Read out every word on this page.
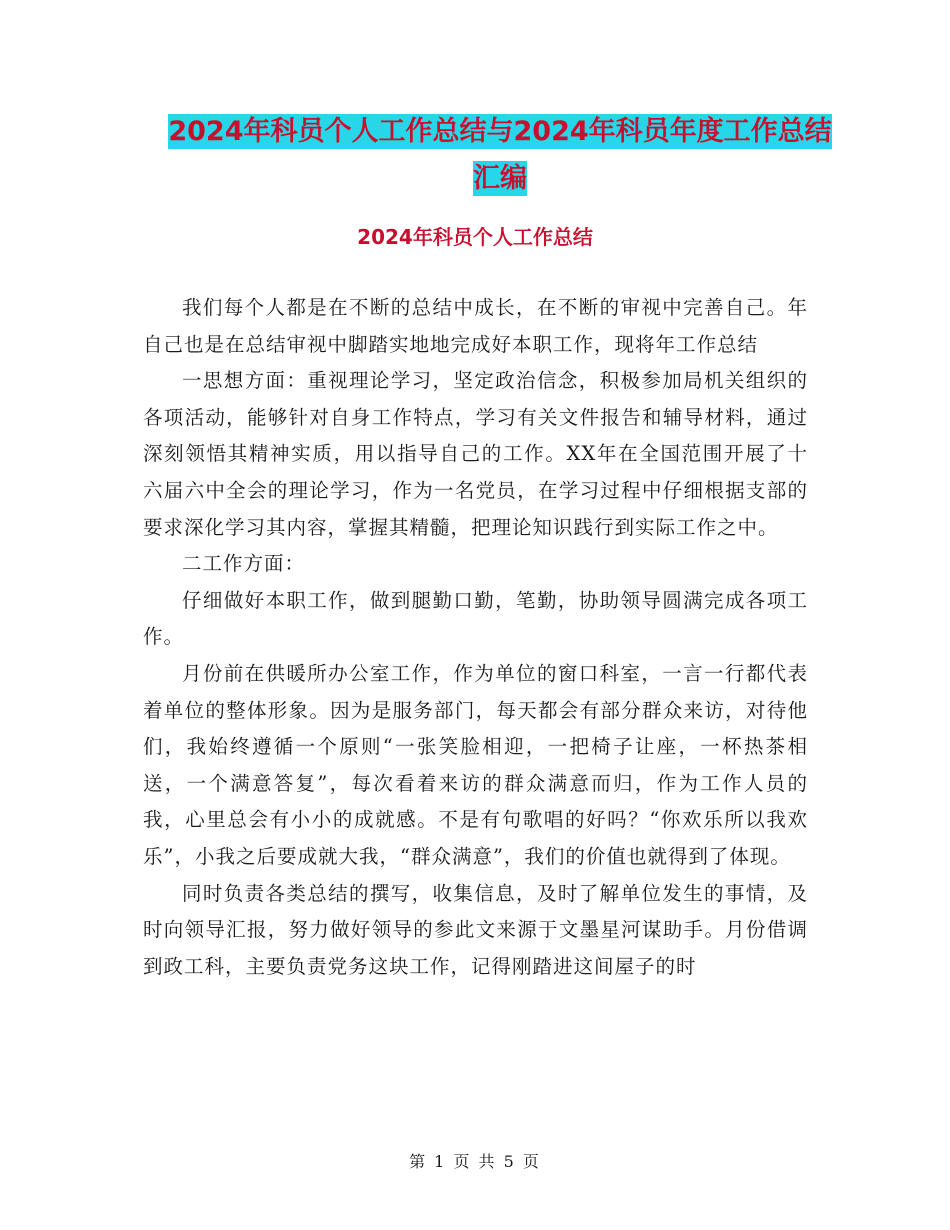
2024年科员个人工作总结与2024年科员年度工作总结
汇编
2024年科员个人工作总结

我们每个人都是在不断的总结中成长，在不断的审视中完善自己。年自己也是在总结审视中脚踏实地地完成好本职工作，现将年工作总结

一思想方面：重视理论学习，坚定政治信念，积极参加局机关组织的各项活动，能够针对自身工作特点，学习有关文件报告和辅导材料，通过深刻领悟其精神实质，用以指导自己的工作。XX年在全国范围开展了十六届六中全会的理论学习，作为一名党员，在学习过程中仔细根据支部的要求深化学习其内容，掌握其精髓，把理论知识践行到实际工作之中。

二工作方面：

仔细做好本职工作，做到腿勤口勤，笔勤，协助领导圆满完成各项工作。

月份前在供暖所办公室工作，作为单位的窗口科室，一言一行都代表着单位的整体形象。因为是服务部门，每天都会有部分群众来访，对待他们，我始终遵循一个原则“一张笑脸相迎，一把椅子让座，一杯热茶相送，一个满意答复”，每次看着来访的群众满意而归，作为工作人员的我，心里总会有小小的成就感。不是有句歌唱的好吗？“你欢乐所以我欢乐”，小我之后要成就大我，“群众满意”，我们的价值也就得到了体现。

同时负责各类总结的撰写，收集信息，及时了解单位发生的事情，及时向领导汇报，努力做好领导的参此文来源于文墨星河谋助手。月份借调到政工科，主要负责党务这块工作，记得刚踏进这间屋子的时

第 1 页 共 5 页
